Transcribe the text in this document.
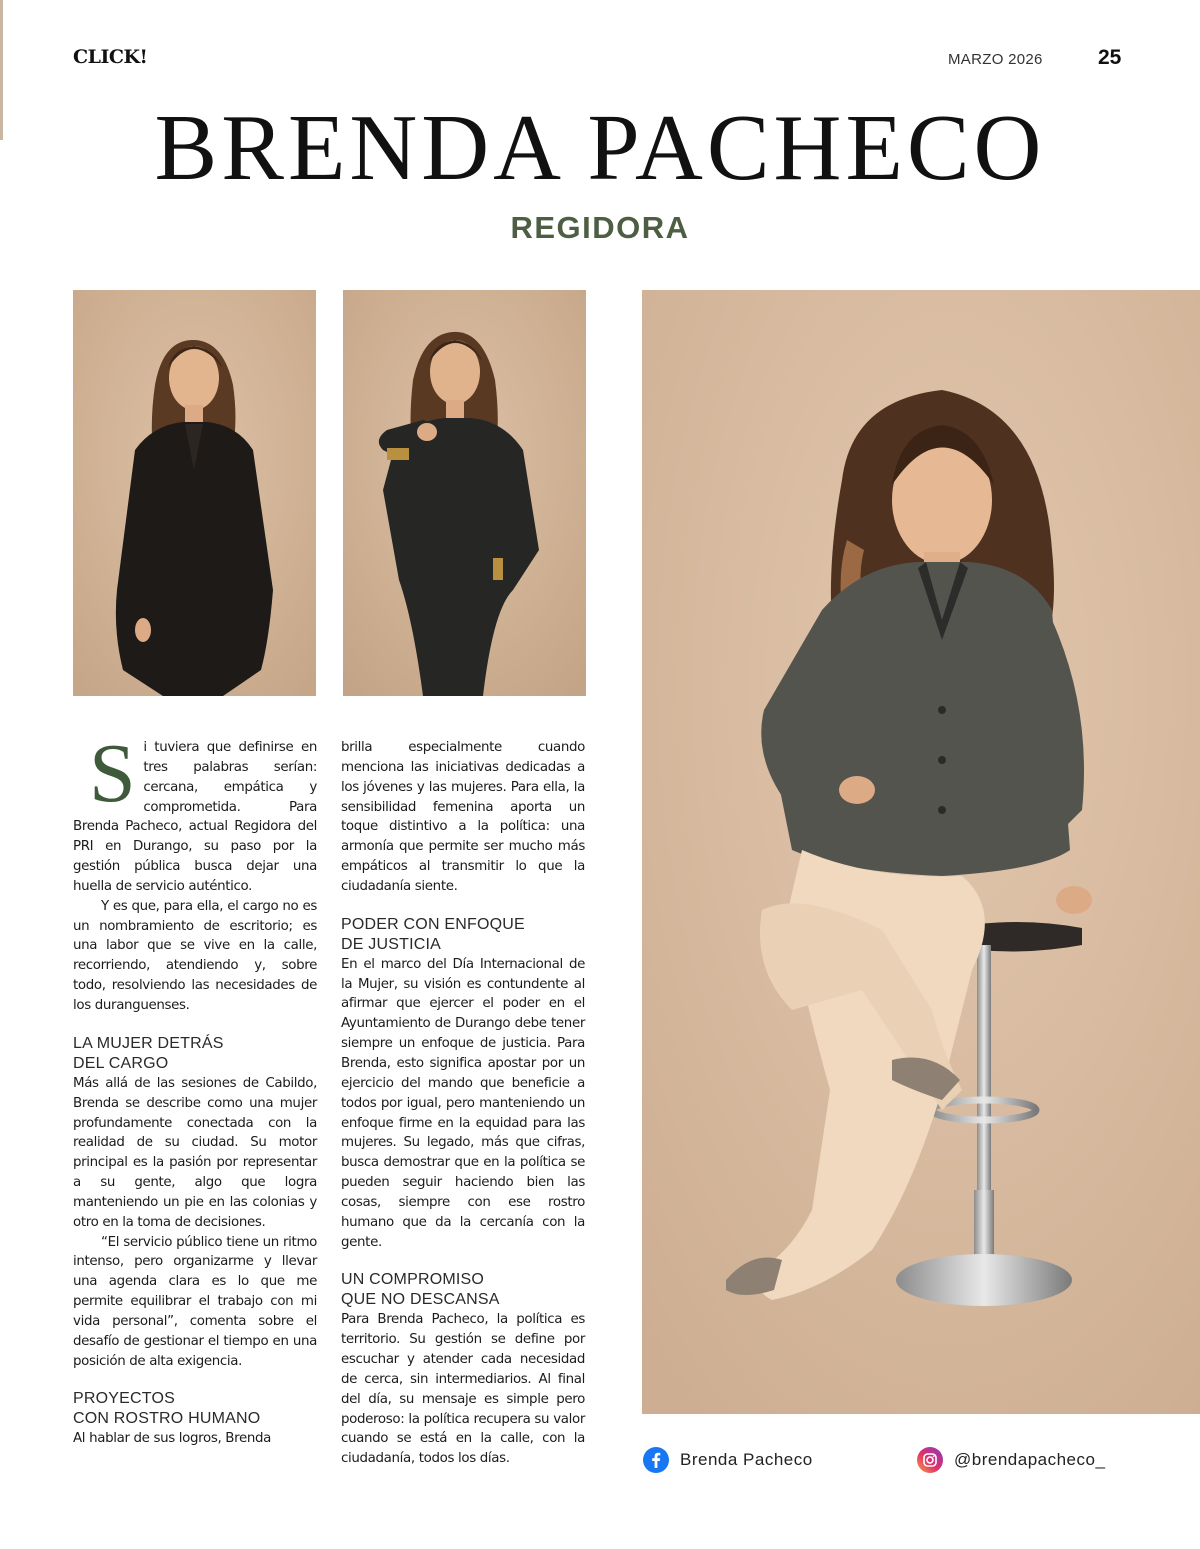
CLICK!	MARZO 2026	25
BRENDA PACHECO
REGIDORA
S i tuviera que definirse en tres palabras serían: cercana, empática y comprometida. Para Brenda Pacheco, actual Regidora del PRI en Durango, su paso por la gestión pública busca dejar una huella de servicio auténtico.

Y es que, para ella, el cargo no es un nombramiento de escritorio; es una labor que se vive en la calle, recorriendo, atendiendo y, sobre todo, resolviendo las necesidades de los duranguenses.

LA MUJER DETRÁS
DEL CARGO

Más allá de las sesiones de Cabildo, Brenda se describe como una mujer profundamente conectada con la realidad de su ciudad. Su motor principal es la pasión por representar a su gente, algo que logra manteniendo un pie en las colonias y otro en la toma de decisiones.

“El servicio público tiene un ritmo intenso, pero organizarme y llevar una agenda clara es lo que me permite equilibrar el trabajo con mi vida personal”, comenta sobre el desafío de gestionar el tiempo en una posición de alta exigencia.

PROYECTOS
CON ROSTRO HUMANO

Al hablar de sus logros, Brenda

brilla especialmente cuando menciona las iniciativas dedicadas a los jóvenes y las mujeres. Para ella, la sensibilidad femenina aporta un toque distintivo a la política: una armonía que permite ser mucho más empáticos al transmitir lo que la ciudadanía siente.

PODER CON ENFOQUE
DE JUSTICIA

En el marco del Día Internacional de la Mujer, su visión es contundente al afirmar que ejercer el poder en el Ayuntamiento de Durango debe tener siempre un enfoque de justicia. Para Brenda, esto significa apostar por un ejercicio del mando que beneficie a todos por igual, pero manteniendo un enfoque firme en la equidad para las mujeres. Su legado, más que cifras, busca demostrar que en la política se pueden seguir haciendo bien las cosas, siempre con ese rostro humano que da la cercanía con la gente.

UN COMPROMISO
QUE NO DESCANSA

Para Brenda Pacheco, la política es territorio. Su gestión se define por escuchar y atender cada necesidad de cerca, sin intermediarios. Al final del día, su mensaje es simple pero poderoso: la política recupera su valor cuando se está en la calle, con la ciudadanía, todos los días.	Brenda Pacheco	@brendapacheco_
